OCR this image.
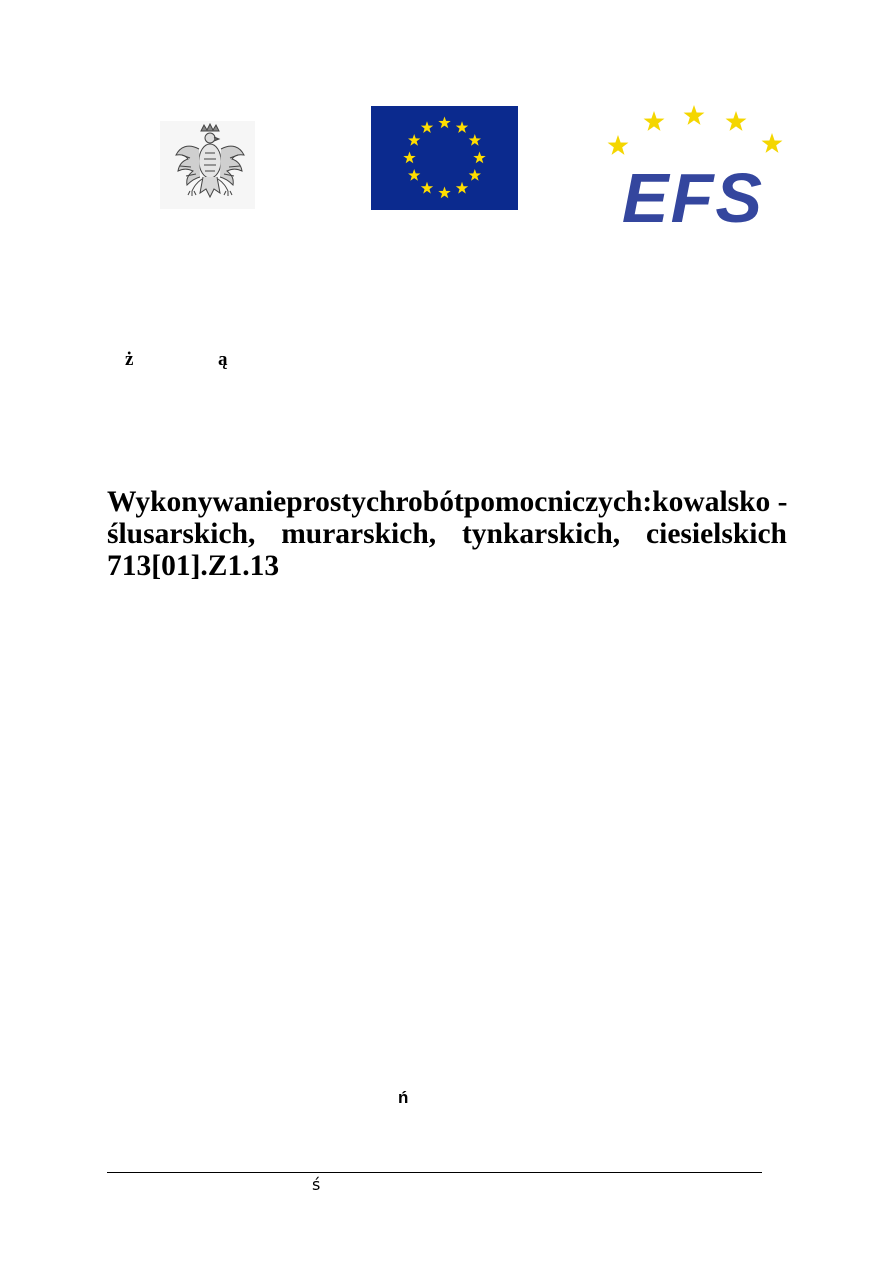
EFS
ż	ą
Wykonywanie prostych robót pomocniczych: kowalsko -
ślusarskich, murarskich, tynkarskich, ciesielskich
713[01].Z1.13
ń
ś
